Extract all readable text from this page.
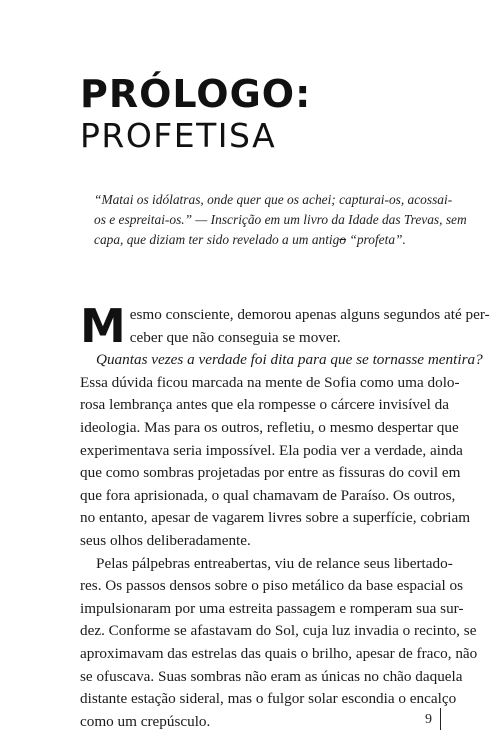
PRÓLOGO:
PROFETISA
“Matai os idólatras, onde quer que os achei; capturai-os, acossai-
os e espreitai-os.” — Inscrição em um livro da Idade das Trevas, sem
capa, que diziam ter sido revelado a um antigo “profeta”.
M esmo consciente, demorou apenas alguns segundos até per-
ceber que não conseguia se mover.
Quantas vezes a verdade foi dita para que se tornasse mentira?
Essa dúvida ficou marcada na mente de Sofia como uma dolo-
rosa lembrança antes que ela rompesse o cárcere invisível da
ideologia. Mas para os outros, refletiu, o mesmo despertar que
experimentava seria impossível. Ela podia ver a verdade, ainda
que como sombras projetadas por entre as fissuras do covil em
que fora aprisionada, o qual chamavam de Paraíso. Os outros,
no entanto, apesar de vagarem livres sobre a superfície, cobriam
seus olhos deliberadamente.
Pelas pálpebras entreabertas, viu de relance seus libertado-
res. Os passos densos sobre o piso metálico da base espacial os
impulsionaram por uma estreita passagem e romperam sua sur-
dez. Conforme se afastavam do Sol, cuja luz invadia o recinto, se
aproximavam das estrelas das quais o brilho, apesar de fraco, não
se ofuscava. Suas sombras não eram as únicas no chão daquela
distante estação sideral, mas o fulgor solar escondia o encalço
como um crepúsculo.	9
